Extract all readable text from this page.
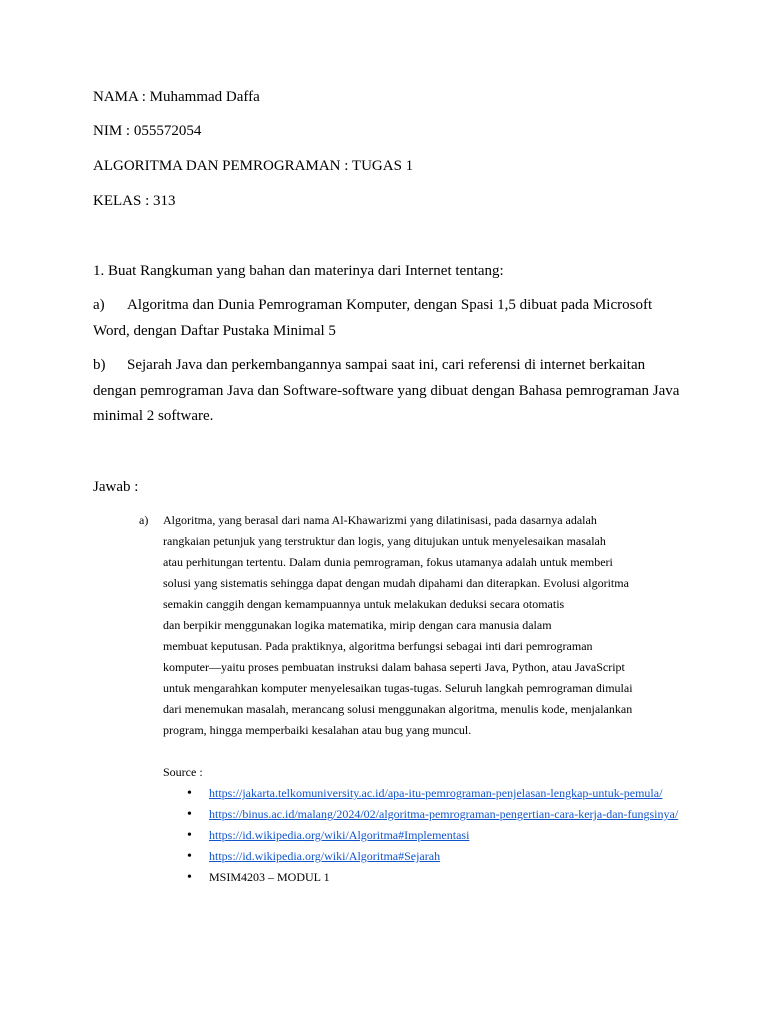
NAMA : Muhammad Daffa
NIM : 055572054
ALGORITMA DAN PEMROGRAMAN : TUGAS 1
KELAS : 313
1. Buat Rangkuman yang bahan dan materinya dari Internet tentang:
a) Algoritma dan Dunia Pemrograman Komputer, dengan Spasi 1,5 dibuat pada Microsoft Word, dengan Daftar Pustaka Minimal 5
b) Sejarah Java dan perkembangannya sampai saat ini, cari referensi di internet berkaitan dengan pemrograman Java dan Software-software yang dibuat dengan Bahasa pemrograman Java minimal 2 software.
Jawab :
a) Algoritma, yang berasal dari nama Al-Khawarizmi yang dilatinisasi, pada dasarnya adalah
rangkaian petunjuk yang terstruktur dan logis, yang ditujukan untuk menyelesaikan masalah
atau perhitungan tertentu. Dalam dunia pemrograman, fokus utamanya adalah untuk memberi
solusi yang sistematis sehingga dapat dengan mudah dipahami dan diterapkan. Evolusi algoritma
semakin canggih dengan kemampuannya untuk melakukan deduksi secara otomatis
dan berpikir menggunakan logika matematika, mirip dengan cara manusia dalam
membuat keputusan. Pada praktiknya, algoritma berfungsi sebagai inti dari pemrograman
komputer—yaitu proses pembuatan instruksi dalam bahasa seperti Java, Python, atau JavaScript
untuk mengarahkan komputer menyelesaikan tugas-tugas. Seluruh langkah pemrograman dimulai
dari menemukan masalah, merancang solusi menggunakan algoritma, menulis kode, menjalankan
program, hingga memperbaiki kesalahan atau bug yang muncul.
Source :
• https://jakarta.telkomuniversity.ac.id/apa-itu-pemrograman-penjelasan-lengkap-untuk-pemula/
• https://binus.ac.id/malang/2024/02/algoritma-pemrograman-pengertian-cara-kerja-dan-fungsinya/
• https://id.wikipedia.org/wiki/Algoritma#Implementasi
• https://id.wikipedia.org/wiki/Algoritma#Sejarah
• MSIM4203 – MODUL 1
